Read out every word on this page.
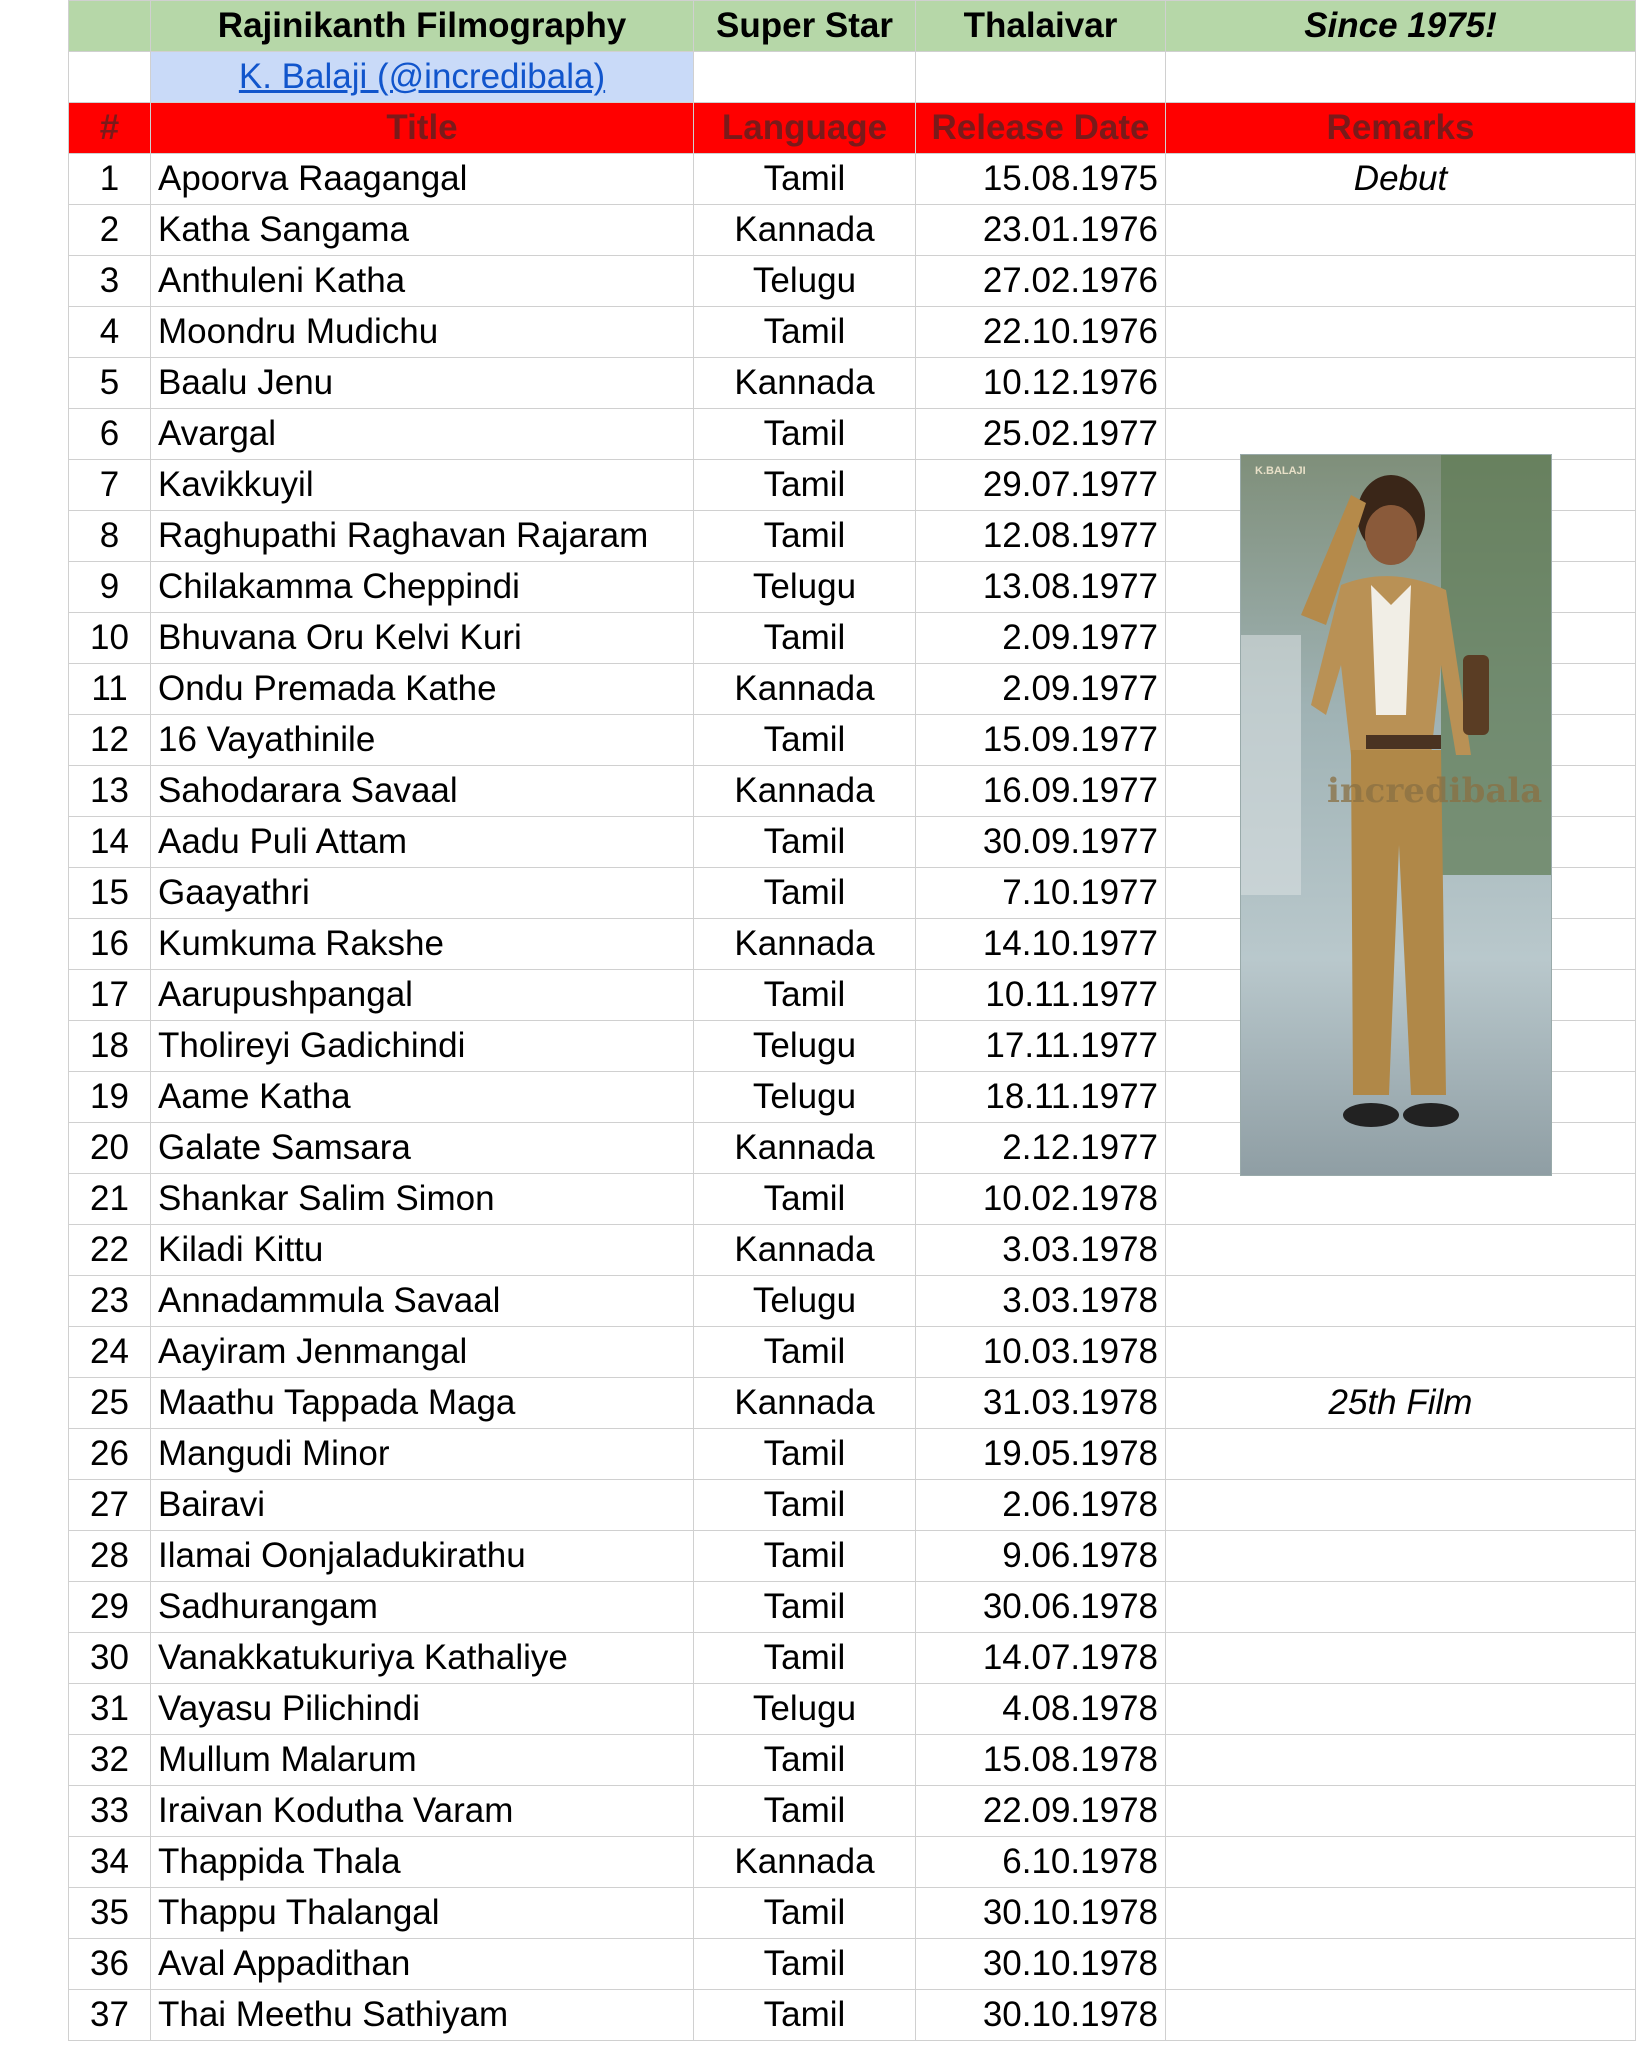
	Rajinikanth Filmography	Super Star	Thalaivar	Since 1975!
	K. Balaji (@incredibala)			
#	Title	Language	Release Date	Remarks
1	Apoorva Raagangal	Tamil	15.08.1975	Debut
2	Katha Sangama	Kannada	23.01.1976	
3	Anthuleni Katha	Telugu	27.02.1976	
4	Moondru Mudichu	Tamil	22.10.1976	
5	Baalu Jenu	Kannada	10.12.1976	
6	Avargal	Tamil	25.02.1977	
7	Kavikkuyil	Tamil	29.07.1977	
8	Raghupathi Raghavan Rajaram	Tamil	12.08.1977	
9	Chilakamma Cheppindi	Telugu	13.08.1977	
10	Bhuvana Oru Kelvi Kuri	Tamil	2.09.1977	
11	Ondu Premada Kathe	Kannada	2.09.1977	
12	16 Vayathinile	Tamil	15.09.1977	
13	Sahodarara Savaal	Kannada	16.09.1977	
14	Aadu Puli Attam	Tamil	30.09.1977	
15	Gaayathri	Tamil	7.10.1977	
16	Kumkuma Rakshe	Kannada	14.10.1977	
17	Aarupushpangal	Tamil	10.11.1977	
18	Tholireyi Gadichindi	Telugu	17.11.1977	
19	Aame Katha	Telugu	18.11.1977	
20	Galate Samsara	Kannada	2.12.1977	
21	Shankar Salim Simon	Tamil	10.02.1978	
22	Kiladi Kittu	Kannada	3.03.1978	
23	Annadammula Savaal	Telugu	3.03.1978	
24	Aayiram Jenmangal	Tamil	10.03.1978	
25	Maathu Tappada Maga	Kannada	31.03.1978	25th Film
26	Mangudi Minor	Tamil	19.05.1978	
27	Bairavi	Tamil	2.06.1978	
28	Ilamai Oonjaladukirathu	Tamil	9.06.1978	
29	Sadhurangam	Tamil	30.06.1978	
30	Vanakkatukuriya Kathaliye	Tamil	14.07.1978	
31	Vayasu Pilichindi	Telugu	4.08.1978	
32	Mullum Malarum	Tamil	15.08.1978	
33	Iraivan Kodutha Varam	Tamil	22.09.1978	
34	Thappida Thala	Kannada	6.10.1978	
35	Thappu Thalangal	Tamil	30.10.1978	
36	Aval Appadithan	Tamil	30.10.1978	
37	Thai Meethu Sathiyam	Tamil	30.10.1978	
K.BALAJI
incredibala
